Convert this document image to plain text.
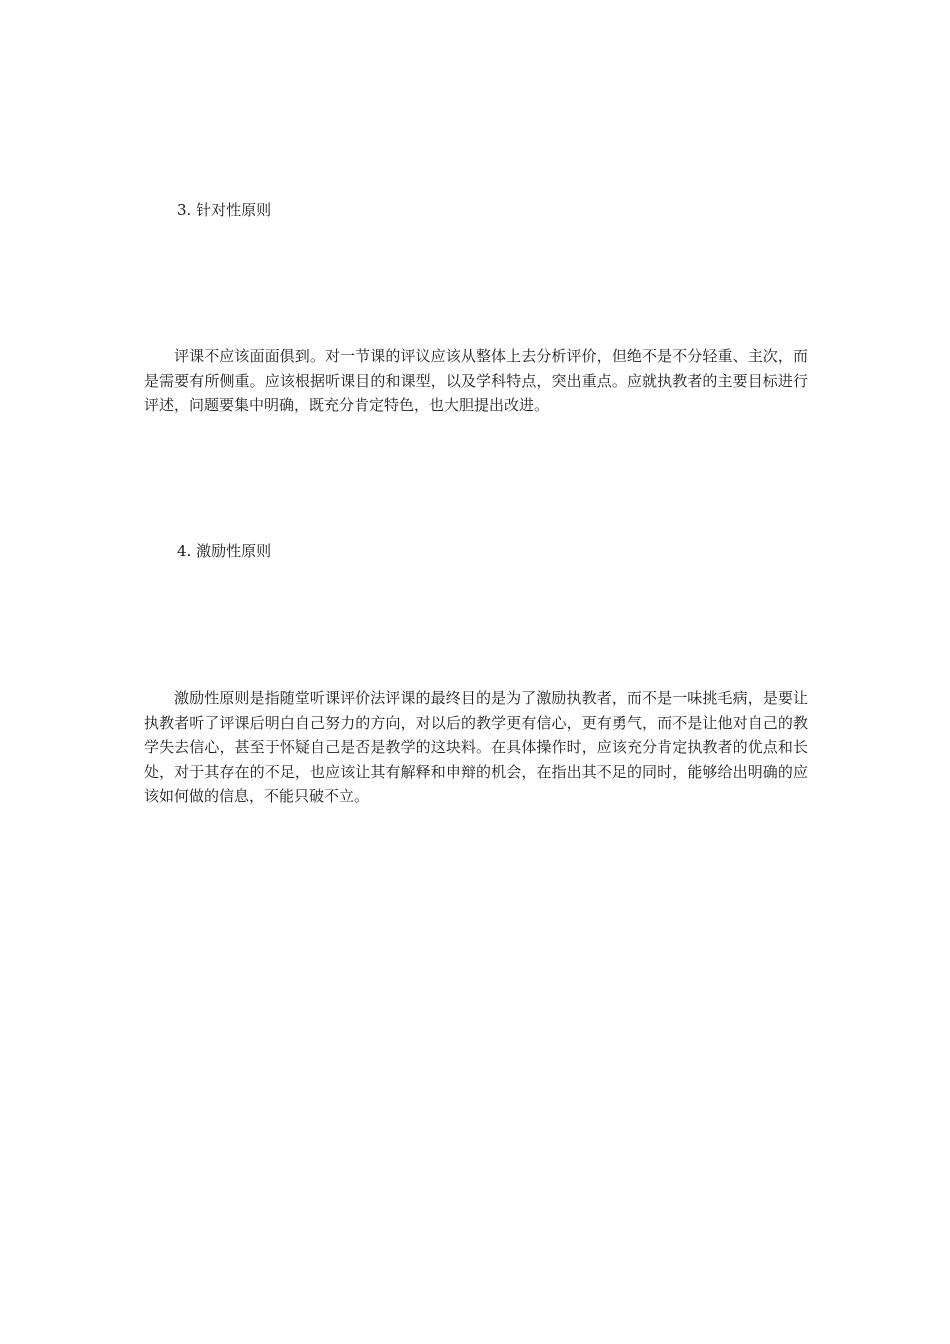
3. 针对性原则

评课不应该面面俱到。对一节课的评议应该从整体上去分析评价，但绝不是不分轻重、主次，而是需要有所侧重。应该根据听课目的和课型，以及学科特点，突出重点。应就执教者的主要目标进行评述，问题要集中明确，既充分肯定特色，也大胆提出改进。

4. 激励性原则

激励性原则是指随堂听课评价法评课的最终目的是为了激励执教者，而不是一味挑毛病，是要让执教者听了评课后明白自己努力的方向，对以后的教学更有信心，更有勇气，而不是让他对自己的教学失去信心，甚至于怀疑自己是否是教学的这块料。在具体操作时，应该充分肯定执教者的优点和长处，对于其存在的不足，也应该让其有解释和申辩的机会，在指出其不足的同时，能够给出明确的应该如何做的信息，不能只破不立。
